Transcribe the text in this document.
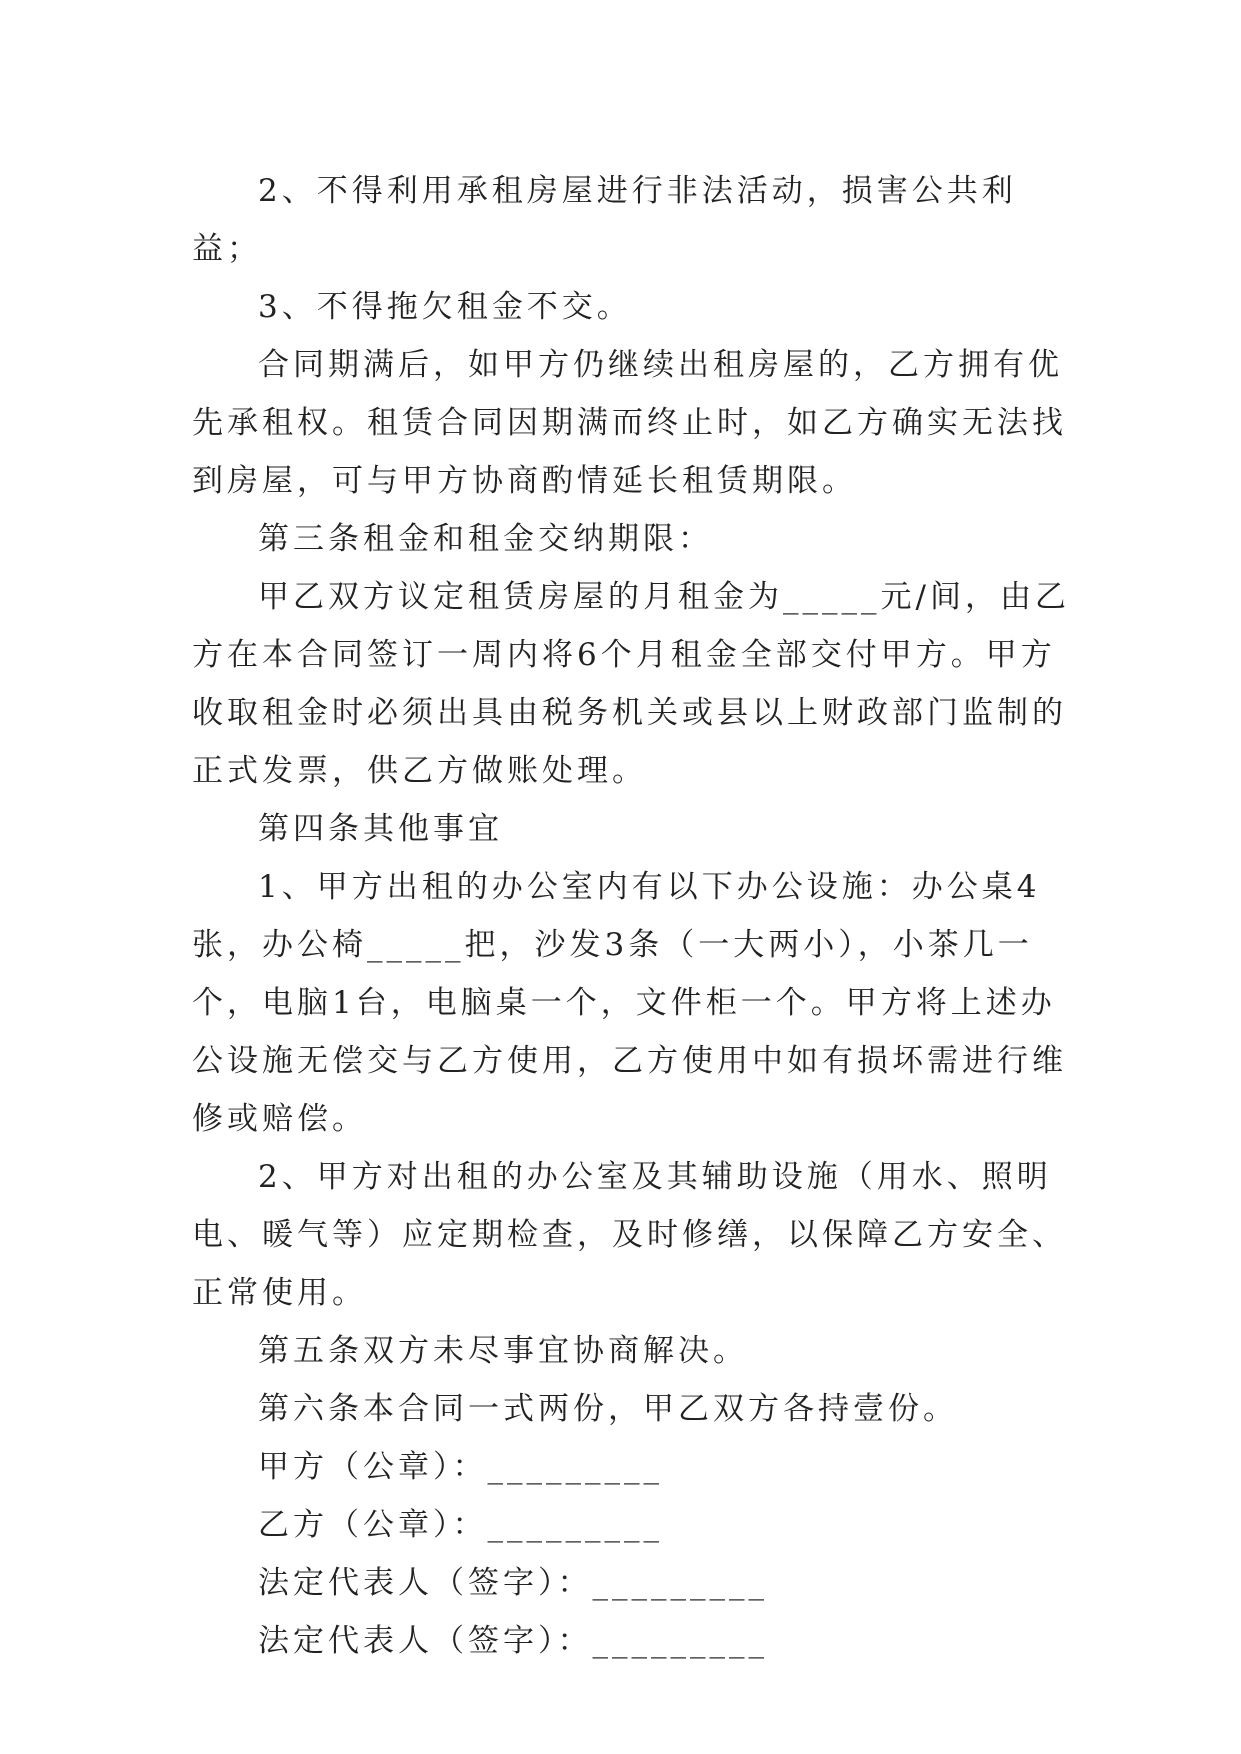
2、不得利用承租房屋进行非法活动，损害公共利益；

3、不得拖欠租金不交。

合同期满后，如甲方仍继续出租房屋的，乙方拥有优先承租权。租赁合同因期满而终止时，如乙方确实无法找到房屋，可与甲方协商酌情延长租赁期限。

第三条租金和租金交纳期限：

甲乙双方议定租赁房屋的月租金为_____元/间，由乙方在本合同签订一周内将6个月租金全部交付甲方。甲方收取租金时必须出具由税务机关或县以上财政部门监制的正式发票，供乙方做账处理。

第四条其他事宜

1、甲方出租的办公室内有以下办公设施：办公桌4张，办公椅_____把，沙发3条（一大两小），小茶几一个，电脑1台，电脑桌一个，文件柜一个。甲方将上述办公设施无偿交与乙方使用，乙方使用中如有损坏需进行维修或赔偿。

2、甲方对出租的办公室及其辅助设施（用水、照明电、暖气等）应定期检查，及时修缮，以保障乙方安全、正常使用。

第五条双方未尽事宜协商解决。

第六条本合同一式两份，甲乙双方各持壹份。

甲方（公章）：_________

乙方（公章）：_________

法定代表人（签字）：_________

法定代表人（签字）：_________
